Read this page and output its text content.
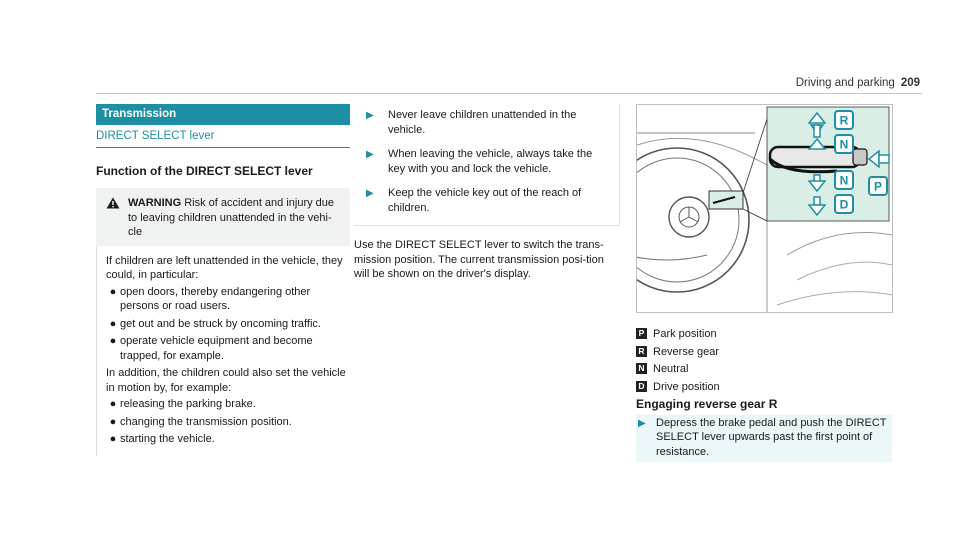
Driving and parking 209
Transmission
DIRECT SELECT lever
Function of the DIRECT SELECT lever
WARNING Risk of accident and injury due to leaving children unattended in the vehi-cle

If children are left unattended in the vehicle, they could, in particular:

● open doors, thereby endangering other persons or road users.
● get out and be struck by oncoming traffic.
● operate vehicle equipment and become trapped, for example.

In addition, the children could also set the vehicle in motion by, for example:

● releasing the parking brake.
● changing the transmission position.
● starting the vehicle.
▶	Never leave children unattended in the vehicle.
▶	When leaving the vehicle, always take the key with you and lock the vehicle.
▶	Keep the vehicle key out of the reach of children.

Use the DIRECT SELECT lever to switch the trans-mission position. The current transmission posi-tion will be shown on the driver's display.

R
N
N
D
P
P Park position
R Reverse gear
N Neutral
D Drive position
Engaging reverse gear R
▶ Depress the brake pedal and push the DIRECT SELECT lever upwards past the first point of resistance.
